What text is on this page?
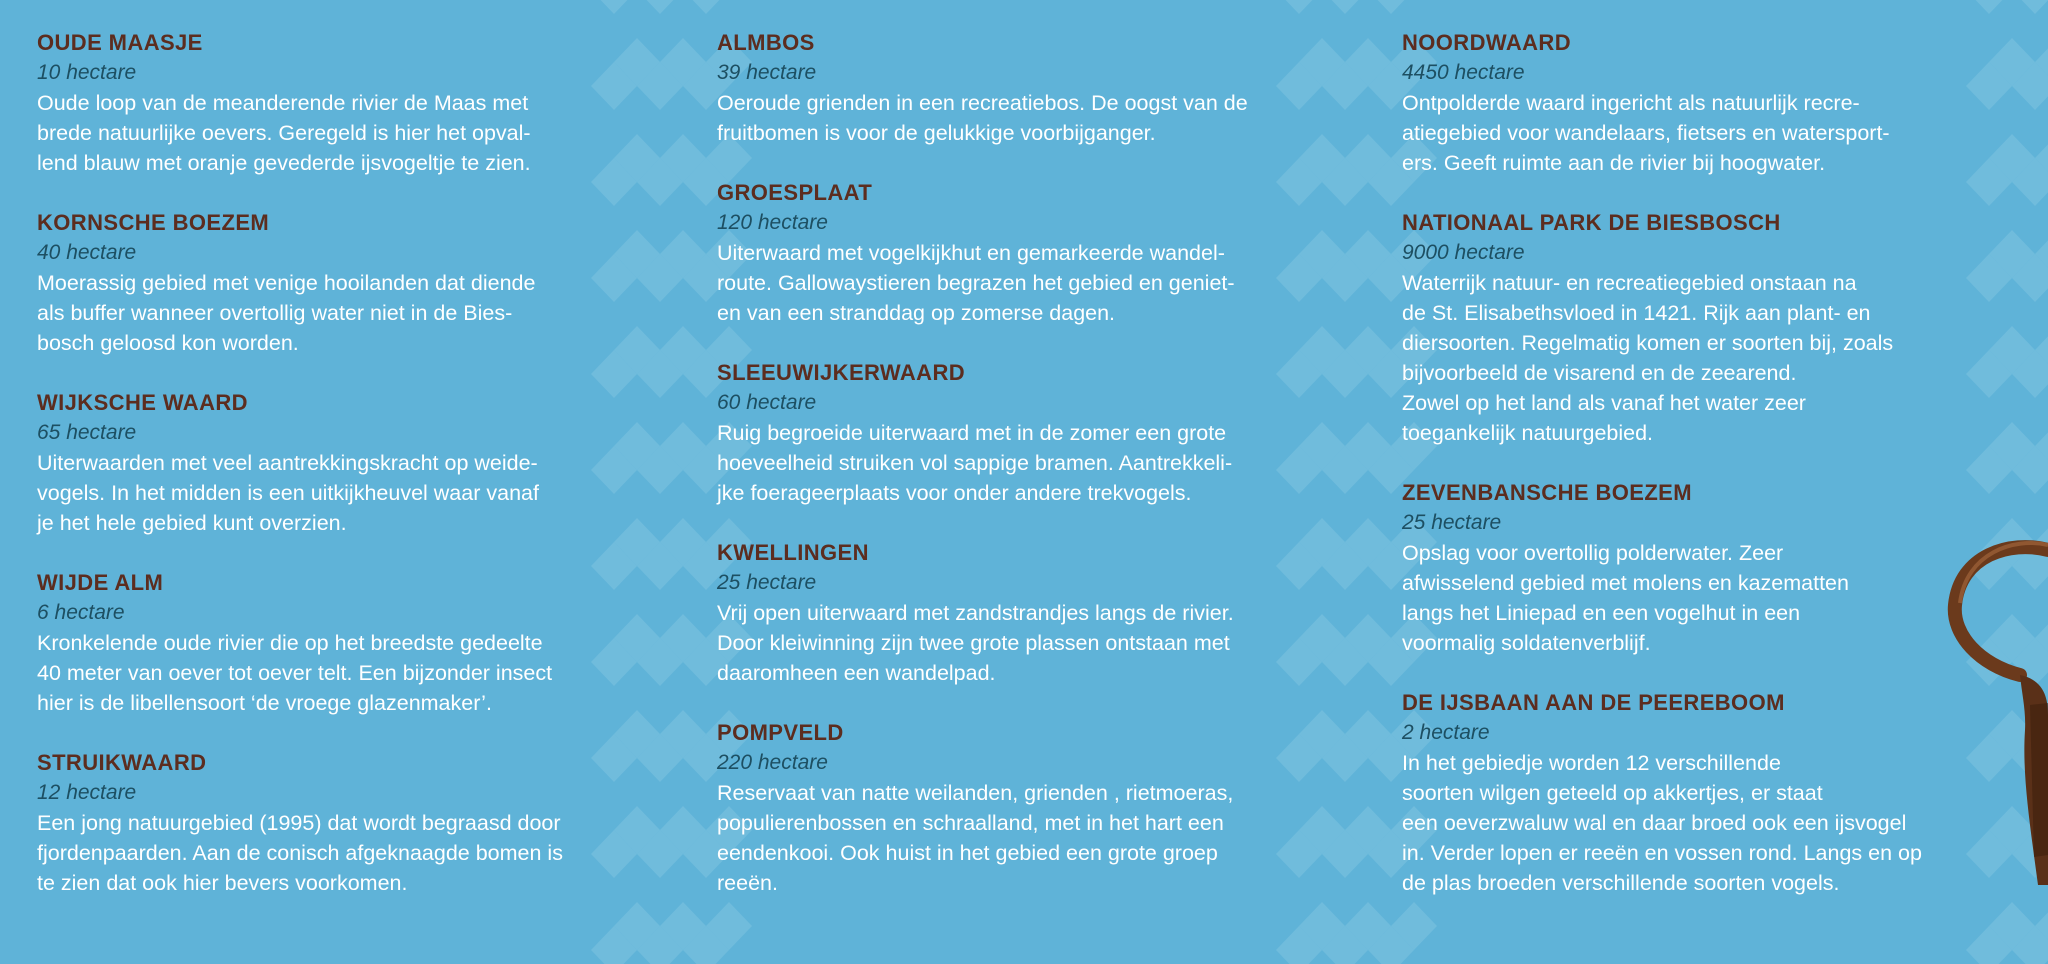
OUDE MAASJE
10 hectare
Oude loop van de meanderende rivier de Maas met
brede natuurlijke oevers. Geregeld is hier het opval-
lend blauw met oranje gevederde ijsvogeltje te zien.
KORNSCHE BOEZEM
40 hectare
Moerassig gebied met venige hooilanden dat diende
als buffer wanneer overtollig water niet in de Bies-
bosch geloosd kon worden.
WIJKSCHE WAARD
65 hectare
Uiterwaarden met veel aantrekkingskracht op weide-
vogels. In het midden is een uitkijkheuvel waar vanaf
je het hele gebied kunt overzien.
WIJDE ALM
6 hectare
Kronkelende oude rivier die op het breedste gedeelte
40 meter van oever tot oever telt. Een bijzonder insect
hier is de libellensoort ‘de vroege glazenmaker’.
STRUIKWAARD
12 hectare
Een jong natuurgebied (1995) dat wordt begraasd door
fjordenpaarden. Aan de conisch afgeknaagde bomen is
te zien dat ook hier bevers voorkomen.
ALMBOS
39 hectare
Oeroude grienden in een recreatiebos. De oogst van de
fruitbomen is voor de gelukkige voorbijganger.
GROESPLAAT
120 hectare
Uiterwaard met vogelkijkhut en gemarkeerde wandel-
route. Gallowaystieren begrazen het gebied en geniet-
en van een stranddag op zomerse dagen.
SLEEUWIJKERWAARD
60 hectare
Ruig begroeide uiterwaard met in de zomer een grote
hoeveelheid struiken vol sappige bramen. Aantrekkeli-
jke foerageerplaats voor onder andere trekvogels.
KWELLINGEN
25 hectare
Vrij open uiterwaard met zandstrandjes langs de rivier.
Door kleiwinning zijn twee grote plassen ontstaan met
daaromheen een wandelpad.
POMPVELD
220 hectare
Reservaat van natte weilanden, grienden , rietmoeras,
populierenbossen en schraalland, met in het hart een
eendenkooi. Ook huist in het gebied een grote groep
reeën.
NOORDWAARD
4450 hectare
Ontpolderde waard ingericht als natuurlijk recre-
atiegebied voor wandelaars, fietsers en watersport-
ers. Geeft ruimte aan de rivier bij hoogwater.
NATIONAAL PARK DE BIESBOSCH
9000 hectare
Waterrijk natuur- en recreatiegebied onstaan na
de St. Elisabethsvloed in 1421. Rijk aan plant- en
diersoorten. Regelmatig komen er soorten bij, zoals
bijvoorbeeld de visarend en de zeearend.
Zowel op het land als vanaf het water zeer
toegankelijk natuurgebied.
ZEVENBANSCHE BOEZEM
25 hectare
Opslag voor overtollig polderwater. Zeer
afwisselend gebied met molens en kazematten
langs het Liniepad en een vogelhut in een
voormalig soldatenverblijf.
DE IJSBAAN AAN DE PEEREBOOM
2 hectare
In het gebiedje worden 12 verschillende
soorten wilgen geteeld op akkertjes, er staat
een oeverzwaluw wal en daar broed ook een ijsvogel
in. Verder lopen er reeën en vossen rond. Langs en op
de plas broeden verschillende soorten vogels.
